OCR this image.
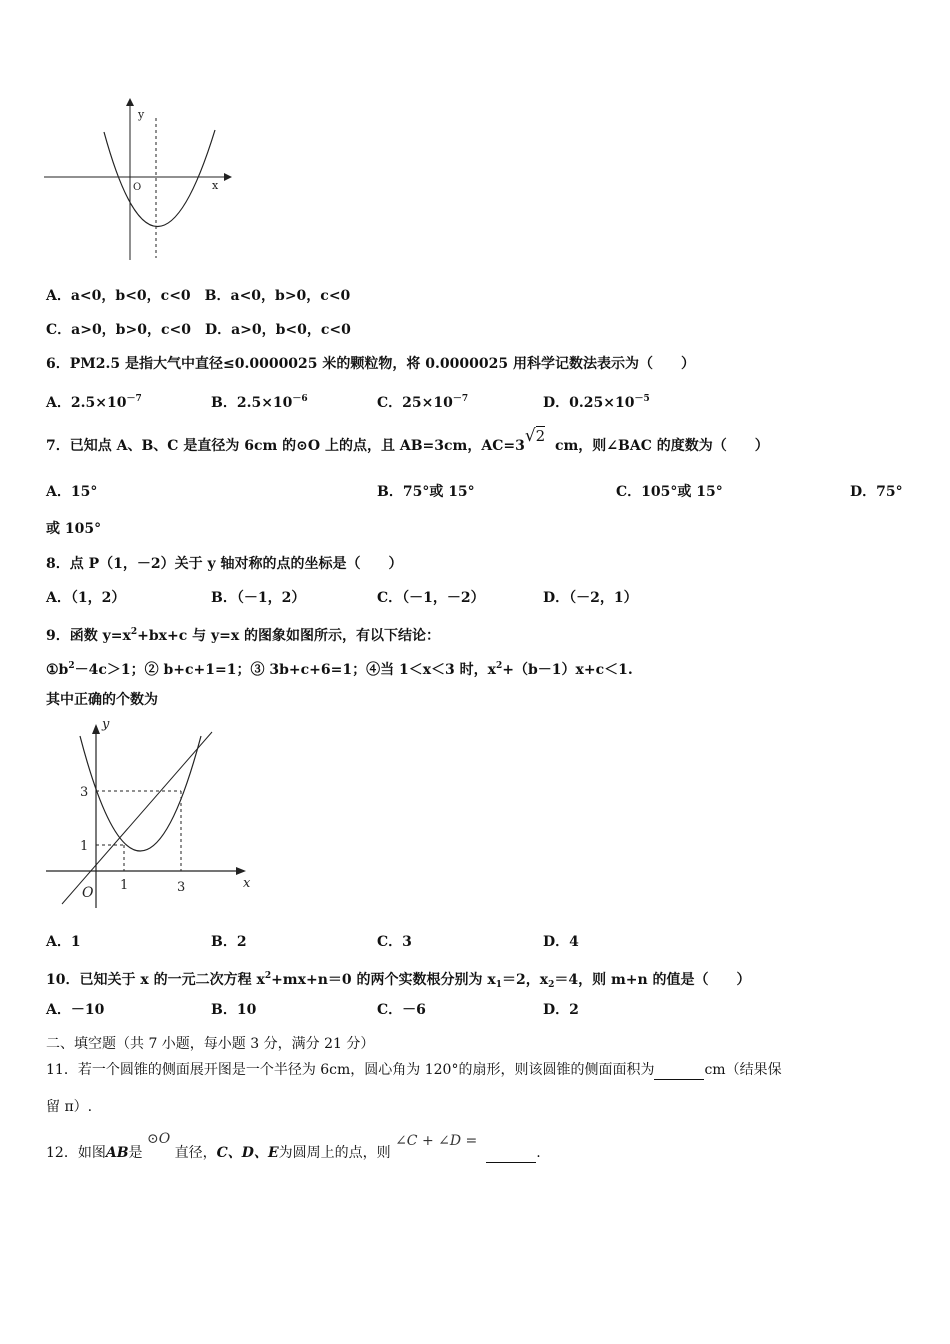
y
x
O
A．a<0，b<0，c<0　B．a<0，b>0，c<0
C．a>0，b>0，c<0　D．a>0，b<0，c<0
6．PM2.5 是指大气中直径≤0.0000025 米的颗粒物，将 0.0000025 用科学记数法表示为（　　）
A．$2.5\times 10^{-7}$	B．$2.5\times 10^{-6}$	C．$25\times 10^{-7}$	D．$0.25\times 10^{-5}$
7．已知点 A、B、C 是直径为 6cm 的⊙O 上的点，且 AB=3cm，AC=3√2  cm，则∠BAC 的度数为（　　）
A．15°	B．75°或 15°	C．105°或 15°	D．75°
或 105°
8．点 P（1，－2）关于 y 轴对称的点的坐标是（　　）
A．（1，2）	B．（－1，2）	C．（－1，－2）	D．（－2，1）
9．函数 $y=x^2+bx+c$ 与 y=x 的图象如图所示，有以下结论：
$①b^2-4c>1$；② b+c+1=1；③ 3b+c+6=1；④当 1＜x＜3 时，$x^2+(b-1)x+c<1$.
其中正确的个数为
y
x
O
3
1
1	3
A．1	B．2	C．3	D．4
10．已知关于 x 的一元二次方程 $x^2+mx+n=0$ 的两个实数根分别为 $x_1=2$，$x_2=4$，则 m+n 的值是（　　）
A．－10	B．10	C．－6	D．2
二、填空题（共 7 小题，每小题 3 分，满分 21 分）
11．若一个圆锥的侧面展开图是一个半径为 6cm，圆心角为 120°的扇形，则该圆锥的侧面面积为	cm（结果保
留 π）.
12．如图AB是 ⊙O 直径，C、D、E为圆周上的点，则 ∠C + ∠D =  .
